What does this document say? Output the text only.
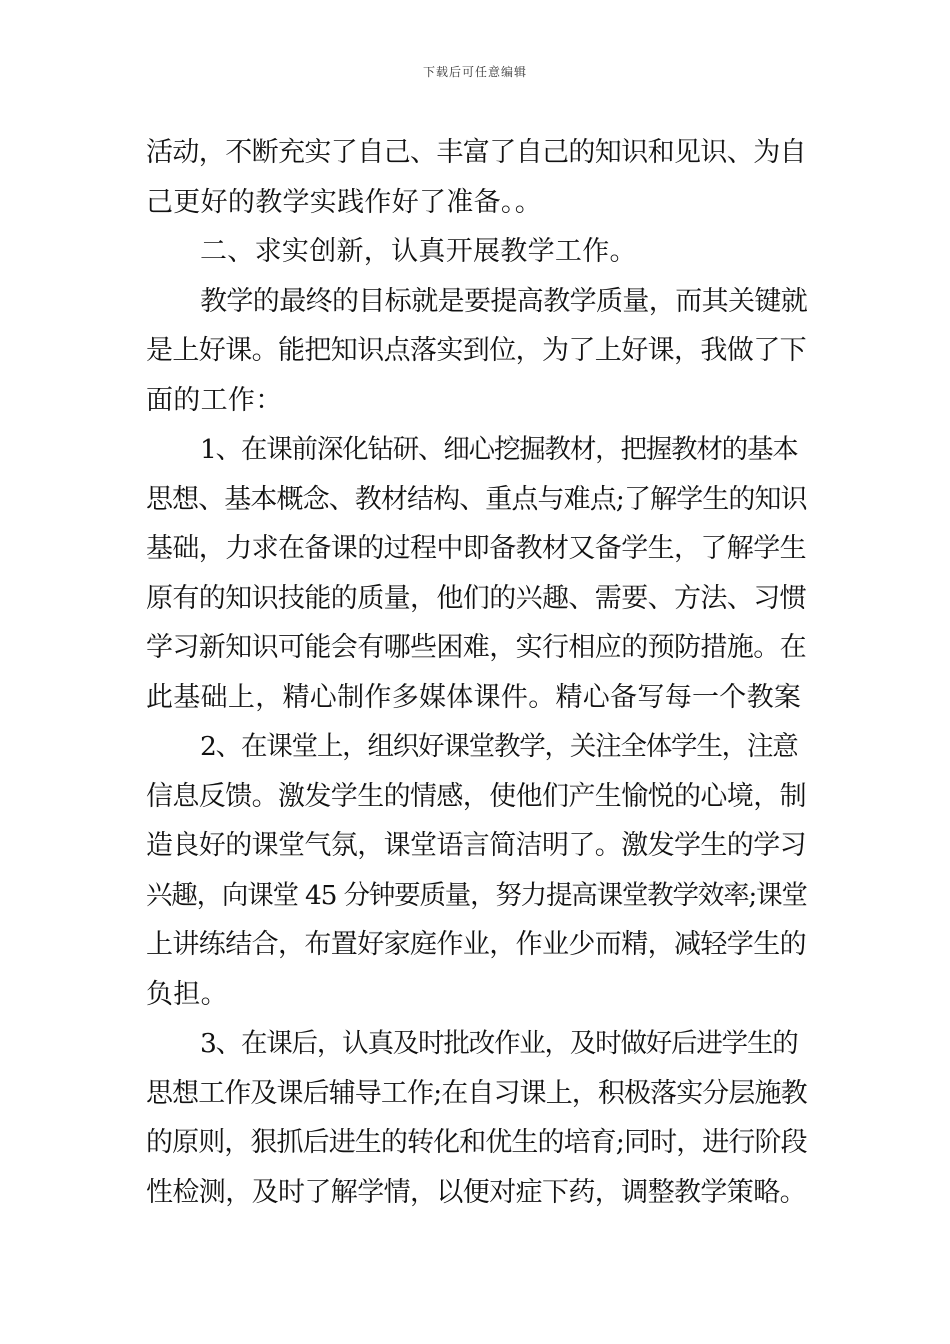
下载后可任意编辑
活动，不断充实了自己、丰富了自己的知识和见识、为自
己更好的教学实践作好了准备。。
二、求实创新，认真开展教学工作。
教学的最终的目标就是要提高教学质量，而其关键就
是上好课。能把知识点落实到位，为了上好课，我做了下
面的工作：
1、在课前深化钻研、细心挖掘教材，把握教材的基本
思想、基本概念、教材结构、重点与难点;了解学生的知识
基础，力求在备课的过程中即备教材又备学生，了解学生
原有的知识技能的质量，他们的兴趣、需要、方法、习惯
学习新知识可能会有哪些困难，实行相应的预防措施。在
此基础上，精心制作多媒体课件。精心备写每一个教案
2、在课堂上，组织好课堂教学，关注全体学生，注意
信息反馈。激发学生的情感，使他们产生愉悦的心境，制
造良好的课堂气氛，课堂语言简洁明了。激发学生的学习
兴趣，向课堂 45 分钟要质量，努力提高课堂教学效率;课堂
上讲练结合，布置好家庭作业，作业少而精，减轻学生的
负担。
3、在课后，认真及时批改作业，及时做好后进学生的
思想工作及课后辅导工作;在自习课上，积极落实分层施教
的原则，狠抓后进生的转化和优生的培育;同时，进行阶段
性检测，及时了解学情，以便对症下药，调整教学策略。
